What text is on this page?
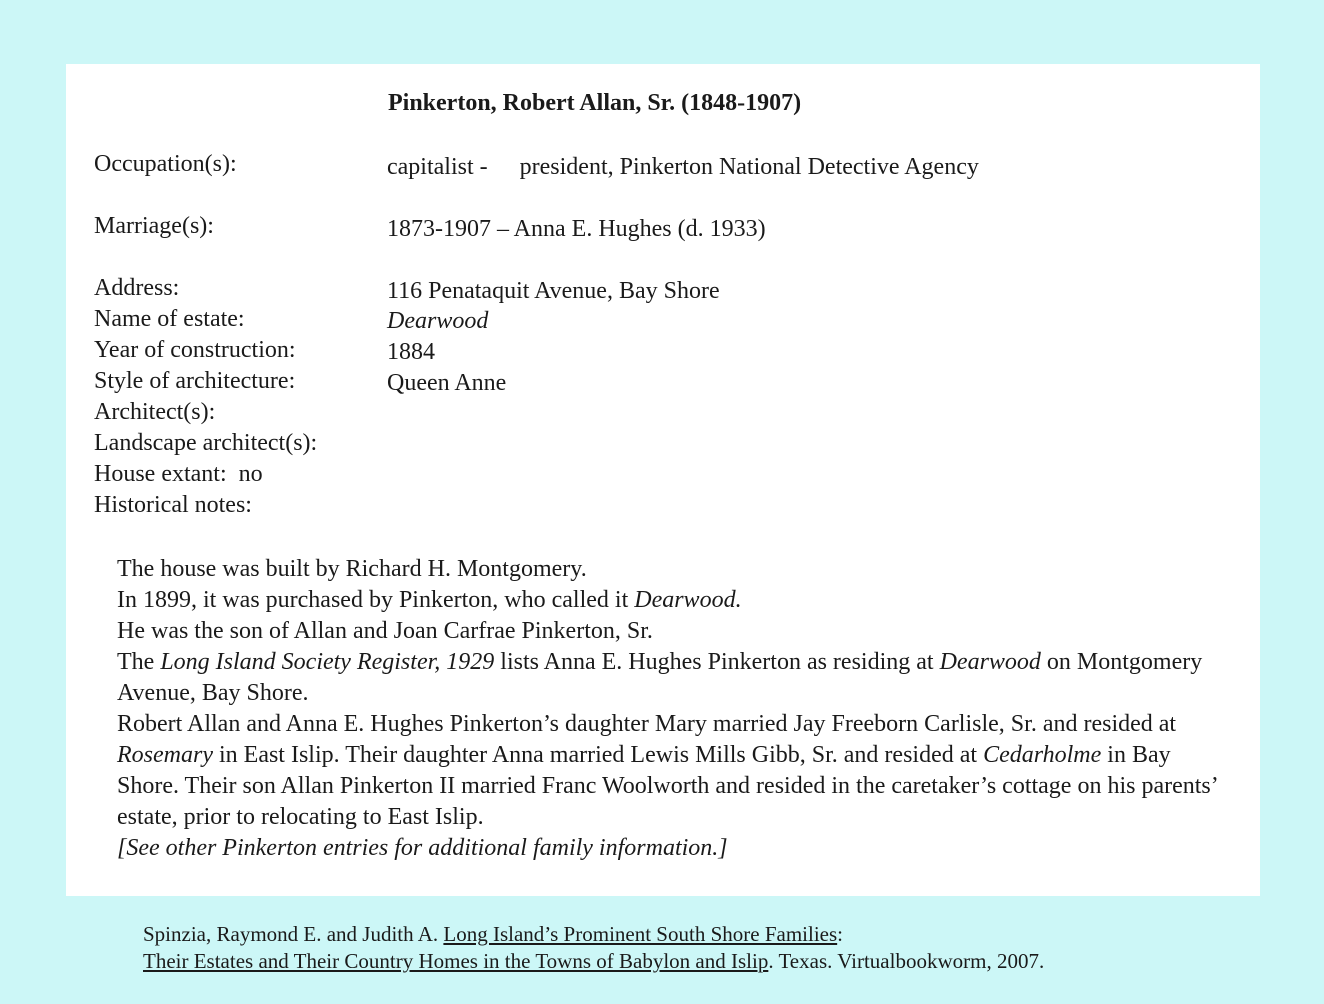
Pinkerton, Robert Allan, Sr. (1848-1907)
Occupation(s):	capitalist - president, Pinkerton National Detective Agency
Marriage(s):	1873-1907 – Anna E. Hughes (d. 1933)
Address:	116 Penataquit Avenue, Bay Shore
Name of estate:	Dearwood
Year of construction:	1884
Style of architecture:	Queen Anne
Architect(s):
Landscape architect(s):
House extant: no
Historical notes:

The house was built by Richard H. Montgomery.

In 1899, it was purchased by Pinkerton, who called it Dearwood.

He was the son of Allan and Joan Carfrae Pinkerton, Sr.

The Long Island Society Register, 1929 lists Anna E. Hughes Pinkerton as residing at Dearwood on Montgomery Avenue, Bay Shore.

Robert Allan and Anna E. Hughes Pinkerton’s daughter Mary married Jay Freeborn Carlisle, Sr. and resided at Rosemary in East Islip. Their daughter Anna married Lewis Mills Gibb, Sr. and resided at Cedarholme in Bay Shore. Their son Allan Pinkerton II married Franc Woolworth and resided in the caretaker’s cottage on his parents’ estate, prior to relocating to East Islip.

[See other Pinkerton entries for additional family information.]

Spinzia, Raymond E. and Judith A. Long Island’s Prominent South Shore Families:
Their Estates and Their Country Homes in the Towns of Babylon and Islip. Texas. Virtualbookworm, 2007.
